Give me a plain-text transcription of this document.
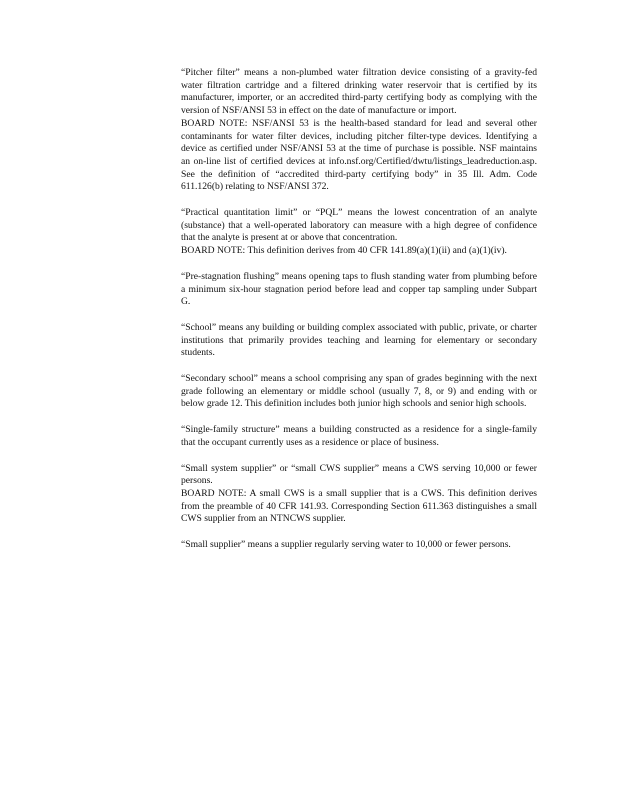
“Pitcher filter” means a non-plumbed water filtration device consisting of a gravity-fed water filtration cartridge and a filtered drinking water reservoir that is certified by its manufacturer, importer, or an accredited third-party certifying body as complying with the version of NSF/ANSI 53 in effect on the date of manufacture or import.

BOARD NOTE: NSF/ANSI 53 is the health-based standard for lead and several other contaminants for water filter devices, including pitcher filter-type devices. Identifying a device as certified under NSF/ANSI 53 at the time of purchase is possible. NSF maintains an on-line list of certified devices at info.nsf.org/Certified/dwtu/listings_leadreduction.asp. See the definition of “accredited third-party certifying body” in 35 Ill. Adm. Code 611.126(b) relating to NSF/ANSI 372.

“Practical quantitation limit” or “PQL” means the lowest concentration of an analyte (substance) that a well-operated laboratory can measure with a high degree of confidence that the analyte is present at or above that concentration.

BOARD NOTE: This definition derives from 40 CFR 141.89(a)(1)(ii) and (a)(1)(iv).

“Pre-stagnation flushing” means opening taps to flush standing water from plumbing before a minimum six-hour stagnation period before lead and copper tap sampling under Subpart G.

“School” means any building or building complex associated with public, private, or charter institutions that primarily provides teaching and learning for elementary or secondary students.

“Secondary school” means a school comprising any span of grades beginning with the next grade following an elementary or middle school (usually 7, 8, or 9) and ending with or below grade 12. This definition includes both junior high schools and senior high schools.

“Single-family structure” means a building constructed as a residence for a single-family that the occupant currently uses as a residence or place of business.

“Small system supplier” or “small CWS supplier” means a CWS serving 10,000 or fewer persons.

BOARD NOTE: A small CWS is a small supplier that is a CWS. This definition derives from the preamble of 40 CFR 141.93. Corresponding Section 611.363 distinguishes a small CWS supplier from an NTNCWS supplier.

“Small supplier” means a supplier regularly serving water to 10,000 or fewer persons.
